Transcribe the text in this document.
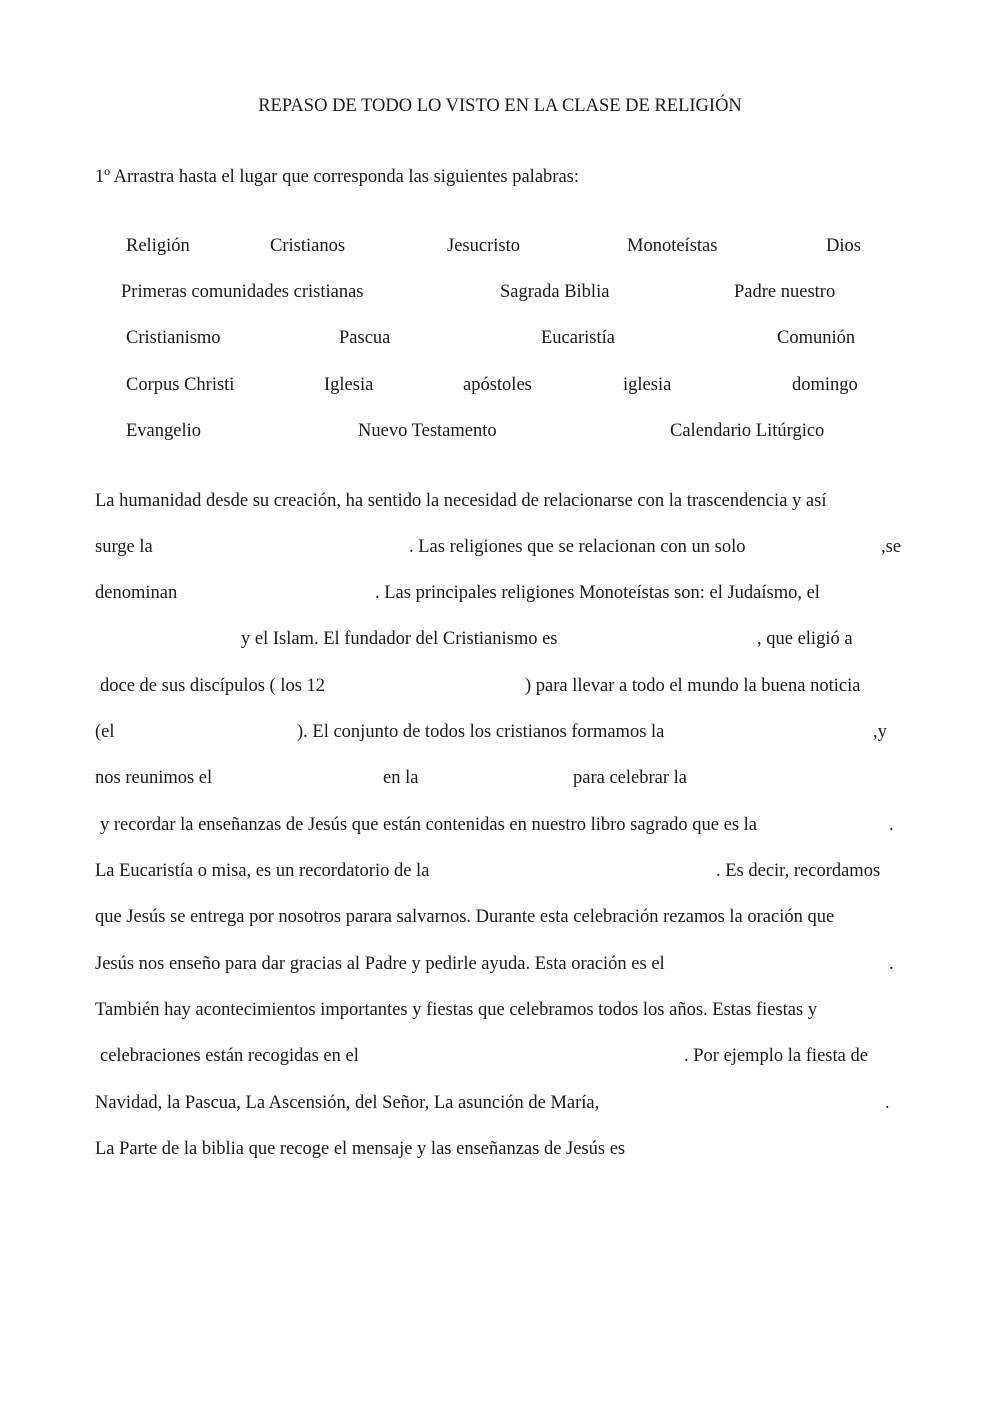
REPASO DE TODO LO VISTO EN LA CLASE DE RELIGIÓN
1º Arrastra hasta el lugar que corresponda las siguientes palabras:
Religión	Cristianos	Jesucristo	Monoteístas	Dios
Primeras comunidades cristianas	Sagrada Biblia	Padre nuestro
Cristianismo	Pascua	Eucaristía	Comunión
Corpus Christi	Iglesia	apóstoles	iglesia	domingo
Evangelio	Nuevo Testamento	Calendario Litúrgico
La humanidad desde su creación, ha sentido la necesidad de relacionarse con la trascendencia y así
surge la	. Las religiones que se relacionan con un solo	,se
denominan	. Las principales religiones Monoteístas son: el Judaísmo, el
y el Islam. El fundador del Cristianismo es	, que eligió a
doce de sus discípulos ( los 12	) para llevar a todo el mundo la buena noticia
(el	). El conjunto de todos los cristianos formamos la	,y
nos reunimos el	en la	para celebrar la
y recordar la enseñanzas de Jesús que están contenidas en nuestro libro sagrado que es la	.
La Eucaristía o misa, es un recordatorio de la	. Es decir, recordamos
que Jesús se entrega por nosotros parara salvarnos. Durante esta celebración rezamos la oración que
Jesús nos enseño para dar gracias al Padre y pedirle ayuda. Esta oración es el	.
También hay acontecimientos importantes y fiestas que celebramos todos los años. Estas fiestas y
celebraciones están recogidas en el	. Por ejemplo la fiesta de
Navidad, la Pascua, La Ascensión, del Señor, La asunción de María,	.
La Parte de la biblia que recoge el mensaje y las enseñanzas de Jesús es
